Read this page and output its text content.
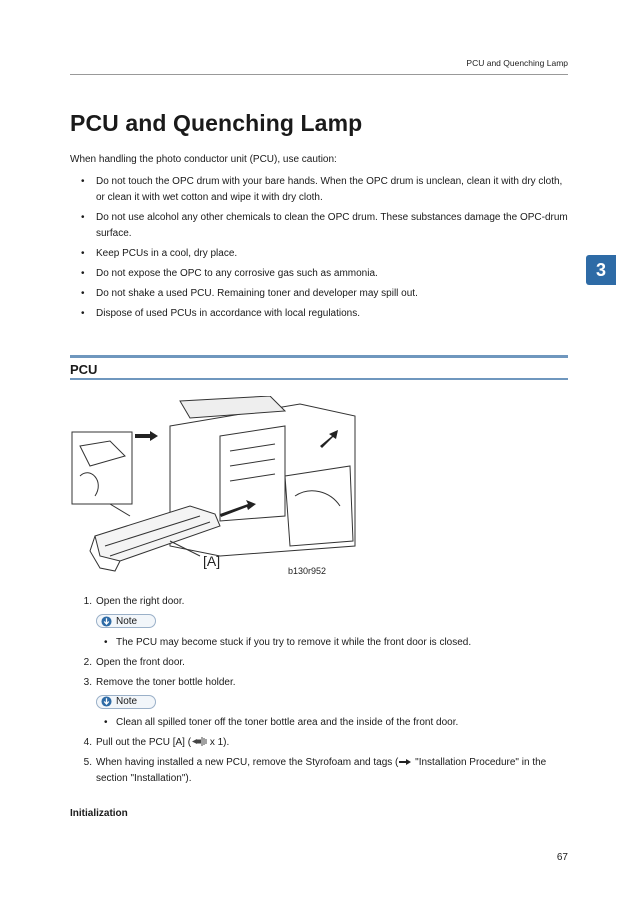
PCU and Quenching Lamp
PCU and Quenching Lamp
When handling the photo conductor unit (PCU), use caution:
• Do not touch the OPC drum with your bare hands. When the OPC drum is unclean, clean it with dry cloth, or clean it with wet cotton and wipe it with dry cloth.
• Do not use alcohol any other chemicals to clean the OPC drum. These substances damage the OPC-drum surface.
• Keep PCUs in a cool, dry place.
• Do not expose the OPC to any corrosive gas such as ammonia.
• Do not shake a used PCU. Remaining toner and developer may spill out.
• Dispose of used PCUs in accordance with local regulations.
3
PCU
[A]
b130r952
1. Open the right door.
Note
• The PCU may become stuck if you try to remove it while the front door is closed.
2. Open the front door.
3. Remove the toner bottle holder.
Note
• Clean all spilled toner off the toner bottle area and the inside of the front door.
4. Pull out the PCU [A] ( x 1).
5. When having installed a new PCU, remove the Styrofoam and tags ( "Installation Procedure" in the section "Installation").
Initialization
67
